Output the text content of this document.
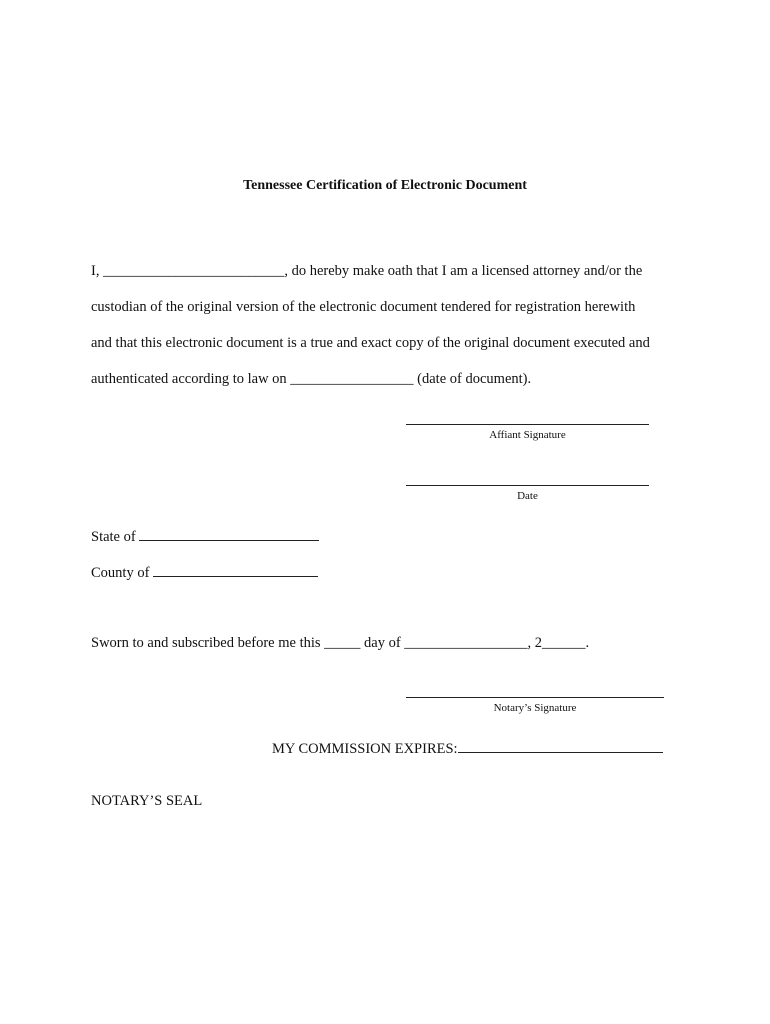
Tennessee Certification of Electronic Document
I, _________________________, do hereby make oath that I am a licensed attorney and/or the
custodian of the original version of the electronic document tendered for registration herewith
and that this electronic document is a true and exact copy of the original document executed and
authenticated according to law on _________________ (date of document).
Affiant Signature
Date
State of
County of
Sworn to and subscribed before me this _____ day of _________________, 2______.
Notary’s Signature
MY COMMISSION EXPIRES:
NOTARY’S SEAL
